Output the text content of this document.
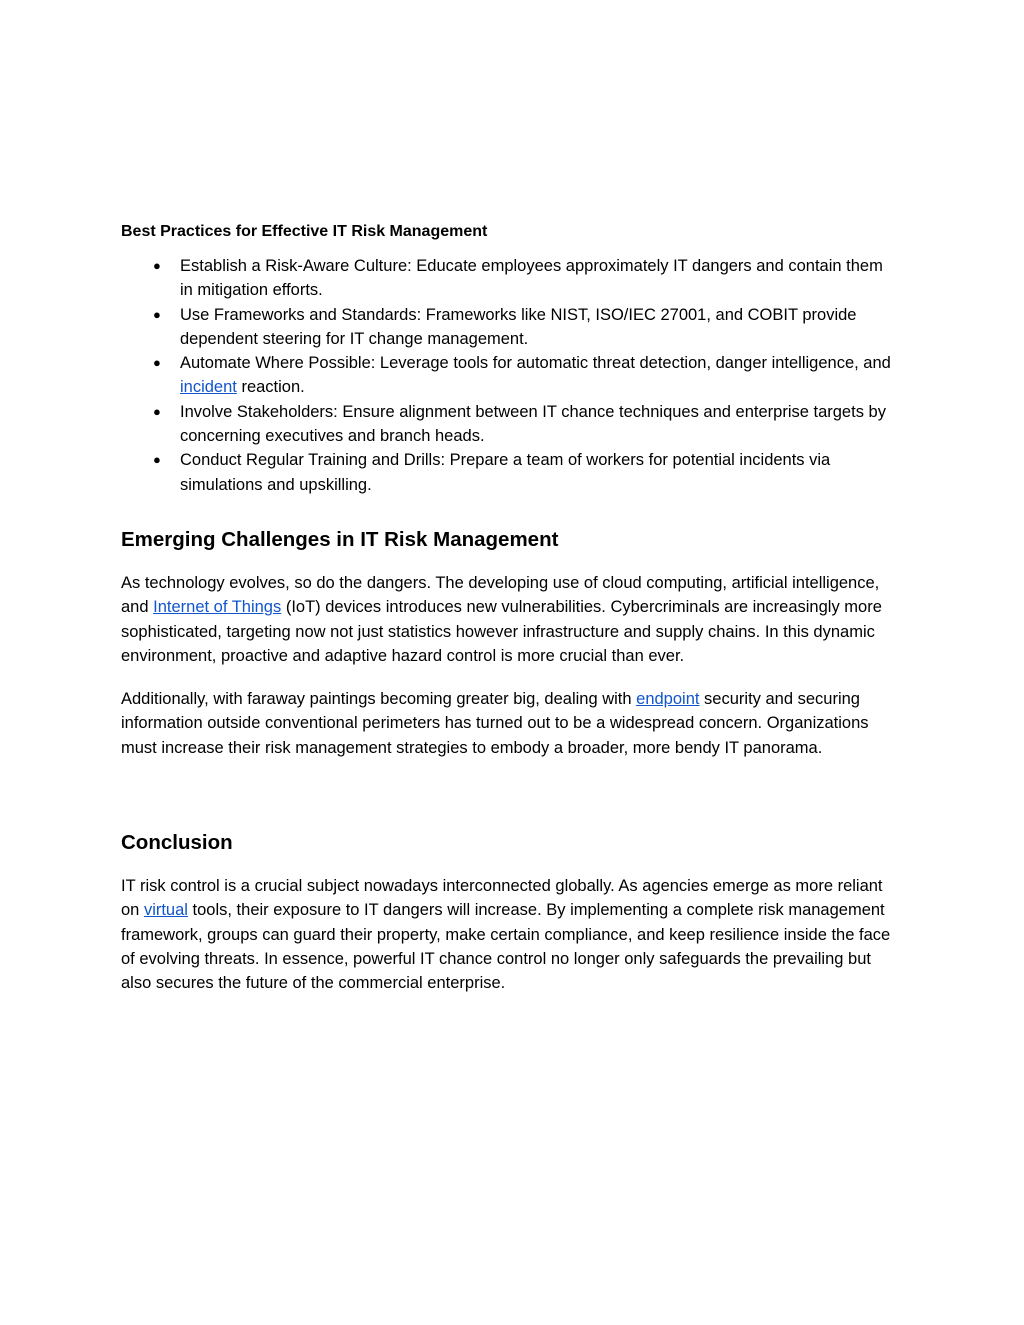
Best Practices for Effective IT Risk Management
● Establish a Risk-Aware Culture: Educate employees approximately IT dangers and contain them in mitigation efforts.
● Use Frameworks and Standards: Frameworks like NIST, ISO/IEC 27001, and COBIT provide dependent steering for IT change management.
● Automate Where Possible: Leverage tools for automatic threat detection, danger intelligence, and incident reaction.
● Involve Stakeholders: Ensure alignment between IT chance techniques and enterprise targets by concerning executives and branch heads.
● Conduct Regular Training and Drills: Prepare a team of workers for potential incidents via simulations and upskilling.
Emerging Challenges in IT Risk Management

As technology evolves, so do the dangers. The developing use of cloud computing, artificial intelligence, and Internet of Things (IoT) devices introduces new vulnerabilities. Cybercriminals are increasingly more sophisticated, targeting now not just statistics however infrastructure and supply chains. In this dynamic environment, proactive and adaptive hazard control is more crucial than ever.

Additionally, with faraway paintings becoming greater big, dealing with endpoint security and securing information outside conventional perimeters has turned out to be a widespread concern. Organizations must increase their risk management strategies to embody a broader, more bendy IT panorama.

Conclusion

IT risk control is a crucial subject nowadays interconnected globally. As agencies emerge as more reliant on virtual tools, their exposure to IT dangers will increase. By implementing a complete risk management framework, groups can guard their property, make certain compliance, and keep resilience inside the face of evolving threats. In essence, powerful IT chance control no longer only safeguards the prevailing but also secures the future of the commercial enterprise.
